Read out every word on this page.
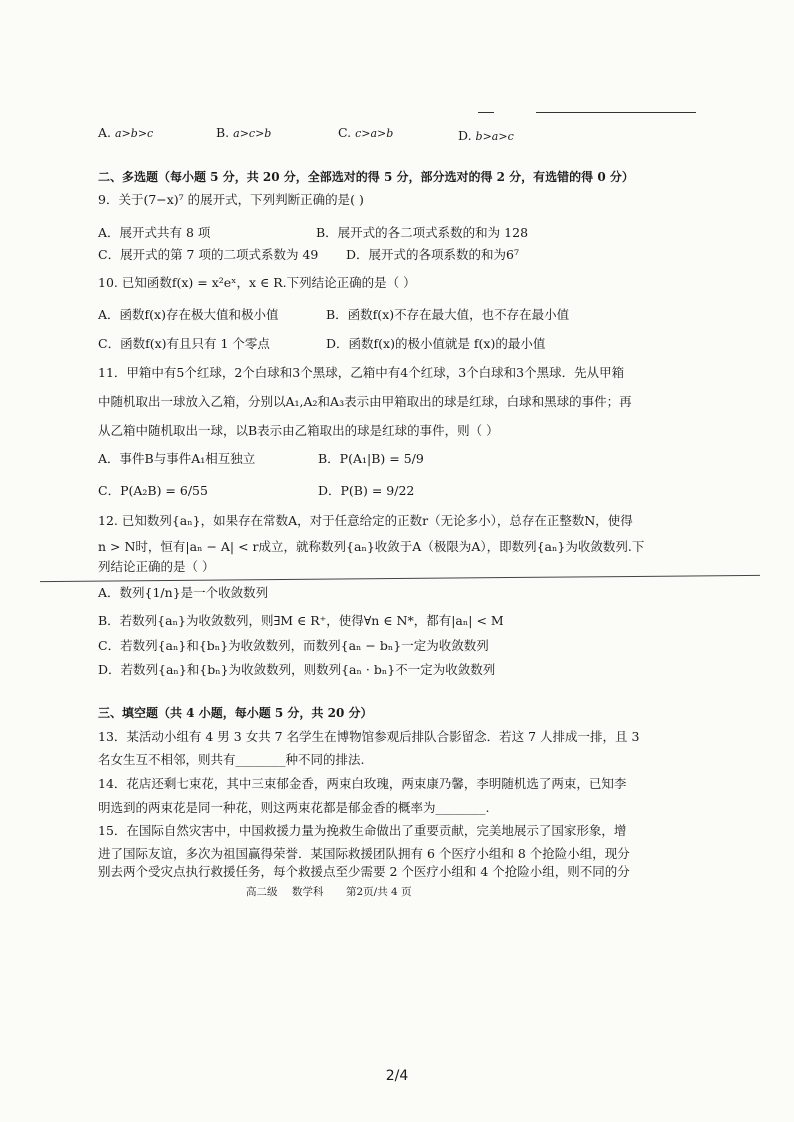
A. a>b>c	B. a>c>b	C. c>a>b	D. b>a>c
二、多选题（每小题 5 分，共 20 分，全部选对的得 5 分，部分选对的得 2 分，有选错的得 0 分）
9．关于(7−x)⁷ 的展开式，下列判断正确的是( )
A．展开式共有 8 项	B．展开式的各二项式系数的和为 128
C．展开式的第 7 项的二项式系数为 49 D．展开式的各项系数的和为6⁷
10. 已知函数f(x) = x²eˣ，x ∈ R.下列结论正确的是（ ）
A．函数f(x)存在极大值和极小值	B．函数f(x)不存在最大值，也不存在最小值
C．函数f(x)有且只有 1 个零点	D．函数f(x)的极小值就是 f(x)的最小值
11．甲箱中有5个红球，2个白球和3个黑球，乙箱中有4个红球，3个白球和3个黑球．先从甲箱
中随机取出一球放入乙箱，分别以A₁,A₂和A₃表示由甲箱取出的球是红球，白球和黑球的事件；再
从乙箱中随机取出一球，以B表示由乙箱取出的球是红球的事件，则（ ）
A．事件B与事件A₁相互独立	B．P(A₁|B) = 5/9
C．P(A₂B) = 6/55	D．P(B) = 9/22
12. 已知数列{aₙ}，如果存在常数A，对于任意给定的正数r（无论多小），总存在正整数N，使得
n > N时，恒有|aₙ − A| < r成立，就称数列{aₙ}收敛于A（极限为A），即数列{aₙ}为收敛数列.下
列结论正确的是（ ）
A．数列{1/n}是一个收敛数列
B．若数列{aₙ}为收敛数列，则∃M ∈ R⁺，使得∀n ∈ N*，都有|aₙ| < M
C．若数列{aₙ}和{bₙ}为收敛数列，而数列{aₙ − bₙ}一定为收敛数列
D．若数列{aₙ}和{bₙ}为收敛数列，则数列{aₙ · bₙ}不一定为收敛数列
三、填空题（共 4 小题，每小题 5 分，共 20 分）
13．某活动小组有 4 男 3 女共 7 名学生在博物馆参观后排队合影留念．若这 7 人排成一排，且 3
名女生互不相邻，则共有________种不同的排法.
14．花店还剩七束花，其中三束郁金香，两束白玫瑰，两束康乃馨，李明随机选了两束，已知李
明选到的两束花是同一种花，则这两束花都是郁金香的概率为________.
15．在国际自然灾害中，中国救援力量为挽救生命做出了重要贡献，完美地展示了国家形象，增
进了国际友谊，多次为祖国赢得荣誉．某国际救援团队拥有 6 个医疗小组和 8 个抢险小组，现分
别去两个受灾点执行救援任务，每个救援点至少需要 2 个医疗小组和 4 个抢险小组，则不同的分
高二级 数学科 第2页/共 4 页
2/4
